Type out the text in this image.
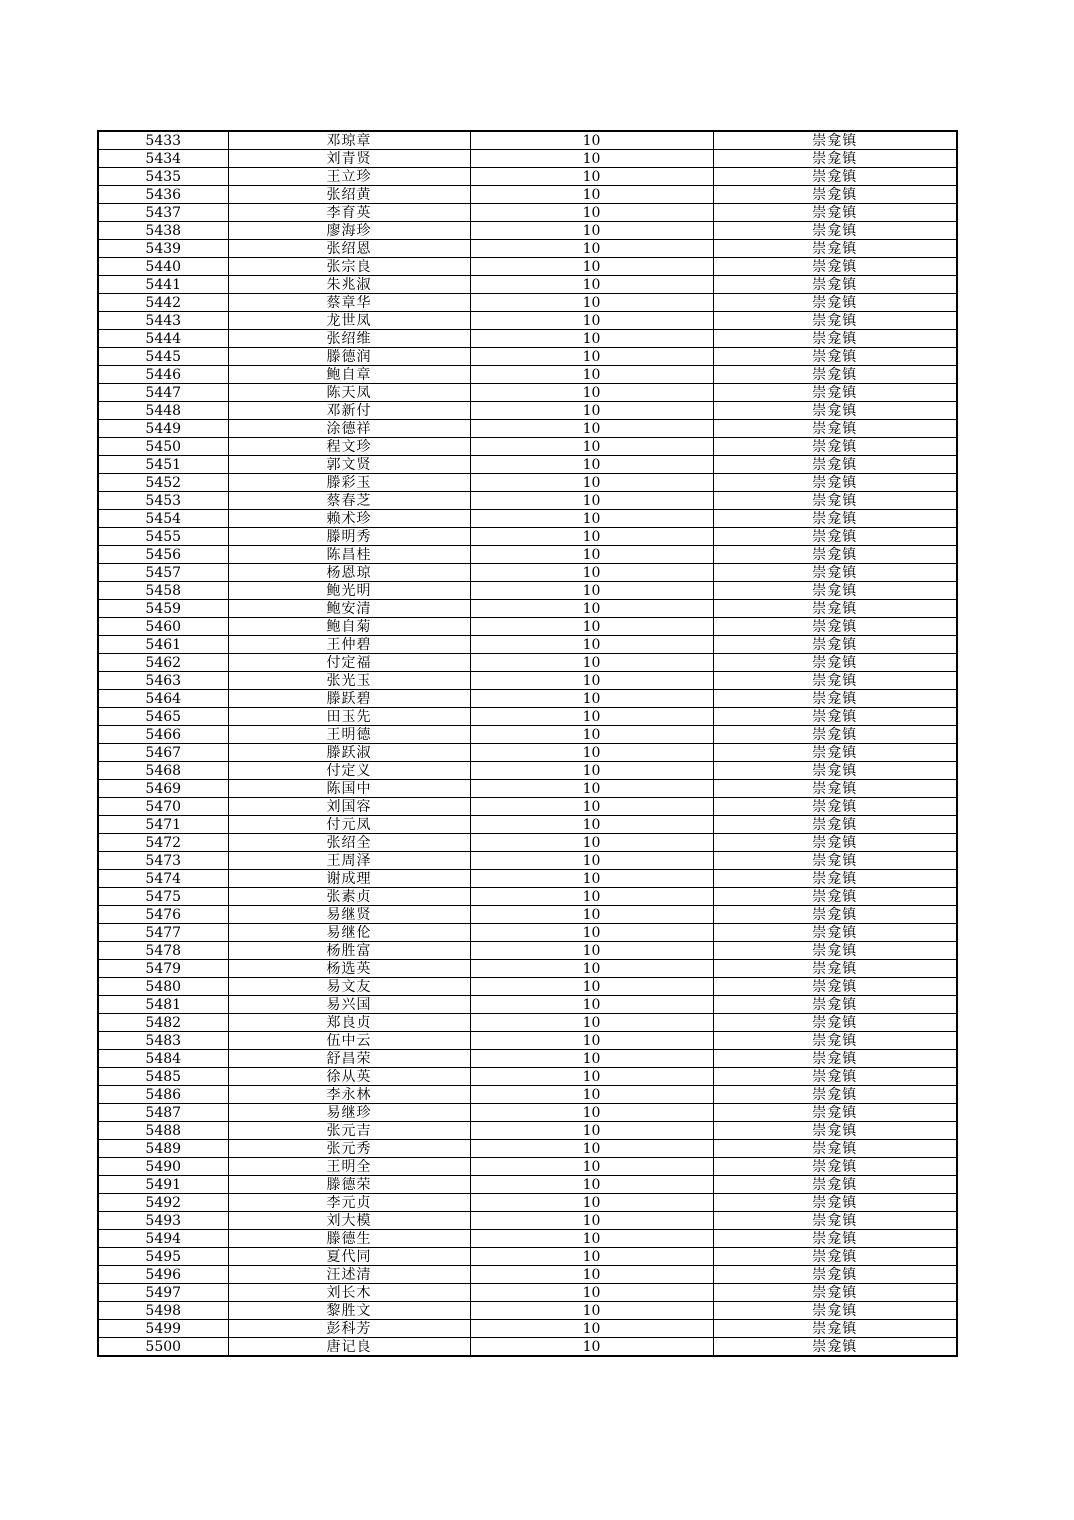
5433	邓琼章	10	崇龛镇
5434	刘青贤	10	崇龛镇
5435	王立珍	10	崇龛镇
5436	张绍黄	10	崇龛镇
5437	李育英	10	崇龛镇
5438	廖海珍	10	崇龛镇
5439	张绍恩	10	崇龛镇
5440	张宗良	10	崇龛镇
5441	朱兆淑	10	崇龛镇
5442	蔡章华	10	崇龛镇
5443	龙世凤	10	崇龛镇
5444	张绍维	10	崇龛镇
5445	滕德润	10	崇龛镇
5446	鲍自章	10	崇龛镇
5447	陈天凤	10	崇龛镇
5448	邓新付	10	崇龛镇
5449	涂德祥	10	崇龛镇
5450	程文珍	10	崇龛镇
5451	郭文贤	10	崇龛镇
5452	滕彩玉	10	崇龛镇
5453	蔡春芝	10	崇龛镇
5454	赖术珍	10	崇龛镇
5455	滕明秀	10	崇龛镇
5456	陈昌桂	10	崇龛镇
5457	杨恩琼	10	崇龛镇
5458	鲍光明	10	崇龛镇
5459	鲍安清	10	崇龛镇
5460	鲍自菊	10	崇龛镇
5461	王仲碧	10	崇龛镇
5462	付定福	10	崇龛镇
5463	张光玉	10	崇龛镇
5464	滕跃碧	10	崇龛镇
5465	田玉先	10	崇龛镇
5466	王明德	10	崇龛镇
5467	滕跃淑	10	崇龛镇
5468	付定义	10	崇龛镇
5469	陈国中	10	崇龛镇
5470	刘国容	10	崇龛镇
5471	付元凤	10	崇龛镇
5472	张绍全	10	崇龛镇
5473	王周泽	10	崇龛镇
5474	谢成理	10	崇龛镇
5475	张素贞	10	崇龛镇
5476	易继贤	10	崇龛镇
5477	易继伦	10	崇龛镇
5478	杨胜富	10	崇龛镇
5479	杨选英	10	崇龛镇
5480	易文友	10	崇龛镇
5481	易兴国	10	崇龛镇
5482	郑良贞	10	崇龛镇
5483	伍中云	10	崇龛镇
5484	舒昌荣	10	崇龛镇
5485	徐从英	10	崇龛镇
5486	李永林	10	崇龛镇
5487	易继珍	10	崇龛镇
5488	张元吉	10	崇龛镇
5489	张元秀	10	崇龛镇
5490	王明全	10	崇龛镇
5491	滕德荣	10	崇龛镇
5492	李元贞	10	崇龛镇
5493	刘大模	10	崇龛镇
5494	滕德生	10	崇龛镇
5495	夏代同	10	崇龛镇
5496	汪述清	10	崇龛镇
5497	刘长木	10	崇龛镇
5498	黎胜文	10	崇龛镇
5499	彭科芳	10	崇龛镇
5500	唐记良	10	崇龛镇
